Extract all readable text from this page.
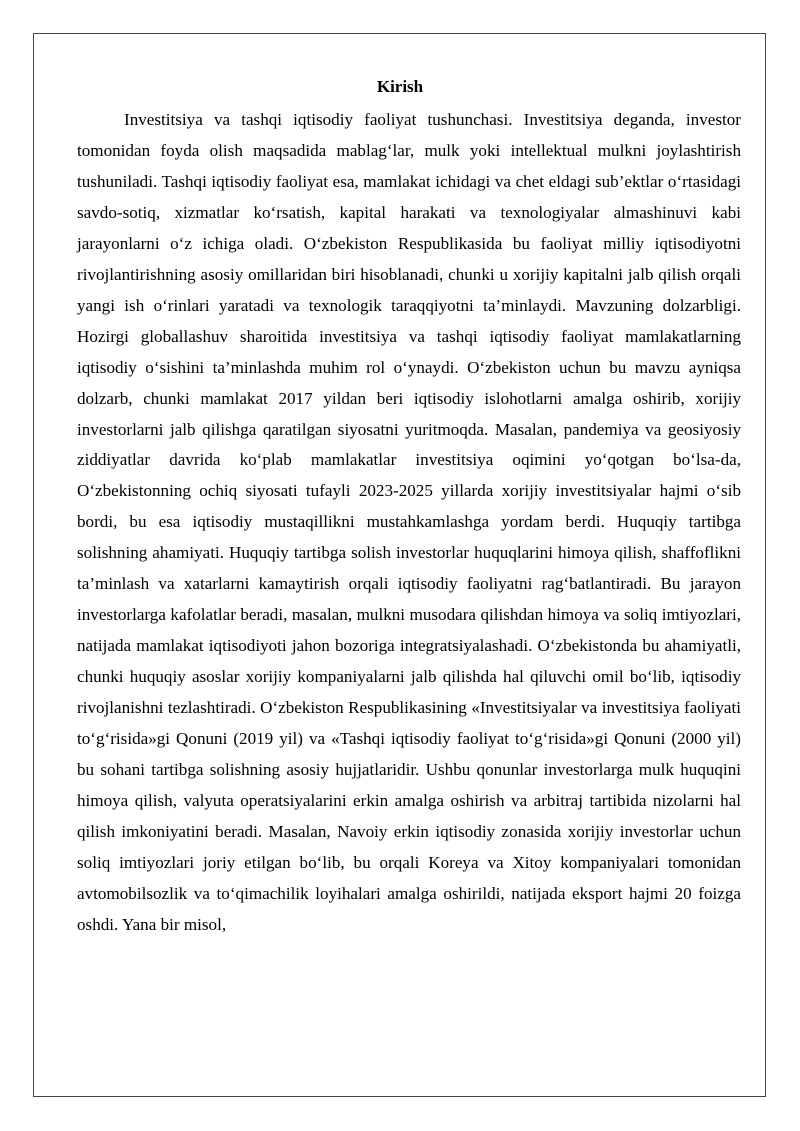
Kirish

Investitsiya va tashqi iqtisodiy faoliyat tushunchasi. Investitsiya deganda, investor tomonidan foyda olish maqsadida mablag‘lar, mulk yoki intellektual mulkni joylashtirish tushuniladi. Tashqi iqtisodiy faoliyat esa, mamlakat ichidagi va chet eldagi sub’ektlar o‘rtasidagi savdo-sotiq, xizmatlar ko‘rsatish, kapital harakati va texnologiyalar almashinuvi kabi jarayonlarni o‘z ichiga oladi. O‘zbekiston Respublikasida bu faoliyat milliy iqtisodiyotni rivojlantirishning asosiy omillaridan biri hisoblanadi, chunki u xorijiy kapitalni jalb qilish orqali yangi ish o‘rinlari yaratadi va texnologik taraqqiyotni ta’minlaydi. Mavzuning dolzarbligi. Hozirgi globallashuv sharoitida investitsiya va tashqi iqtisodiy faoliyat mamlakatlarning iqtisodiy o‘sishini ta’minlashda muhim rol o‘ynaydi. O‘zbekiston uchun bu mavzu ayniqsa dolzarb, chunki mamlakat 2017 yildan beri iqtisodiy islohotlarni amalga oshirib, xorijiy investorlarni jalb qilishga qaratilgan siyosatni yuritmoqda. Masalan, pandemiya va geosiyosiy ziddiyatlar davrida ko‘plab mamlakatlar investitsiya oqimini yo‘qotgan bo‘lsa-da, O‘zbekistonning ochiq siyosati tufayli 2023-2025 yillarda xorijiy investitsiyalar hajmi o‘sib bordi, bu esa iqtisodiy mustaqillikni mustahkamlashga yordam berdi. Huquqiy tartibga solishning ahamiyati. Huquqiy tartibga solish investorlar huquqlarini himoya qilish, shaffoflikni ta’minlash va xatarlarni kamaytirish orqali iqtisodiy faoliyatni rag‘batlantiradi. Bu jarayon investorlarga kafolatlar beradi, masalan, mulkni musodara qilishdan himoya va soliq imtiyozlari, natijada mamlakat iqtisodiyoti jahon bozoriga integratsiyalashadi. O‘zbekistonda bu ahamiyatli, chunki huquqiy asoslar xorijiy kompaniyalarni jalb qilishda hal qiluvchi omil bo‘lib, iqtisodiy rivojlanishni tezlashtiradi. O‘zbekiston Respublikasining «Investitsiyalar va investitsiya faoliyati to‘g‘risida»gi Qonuni (2019 yil) va «Tashqi iqtisodiy faoliyat to‘g‘risida»gi Qonuni (2000 yil) bu sohani tartibga solishning asosiy hujjatlaridir. Ushbu qonunlar investorlarga mulk huquqini himoya qilish, valyuta operatsiyalarini erkin amalga oshirish va arbitraj tartibida nizolarni hal qilish imkoniyatini beradi. Masalan, Navoiy erkin iqtisodiy zonasida xorijiy investorlar uchun soliq imtiyozlari joriy etilgan bo‘lib, bu orqali Koreya va Xitoy kompaniyalari tomonidan avtomobilsozlik va to‘qimachilik loyihalari amalga oshirildi, natijada eksport hajmi 20 foizga oshdi. Yana bir misol,
